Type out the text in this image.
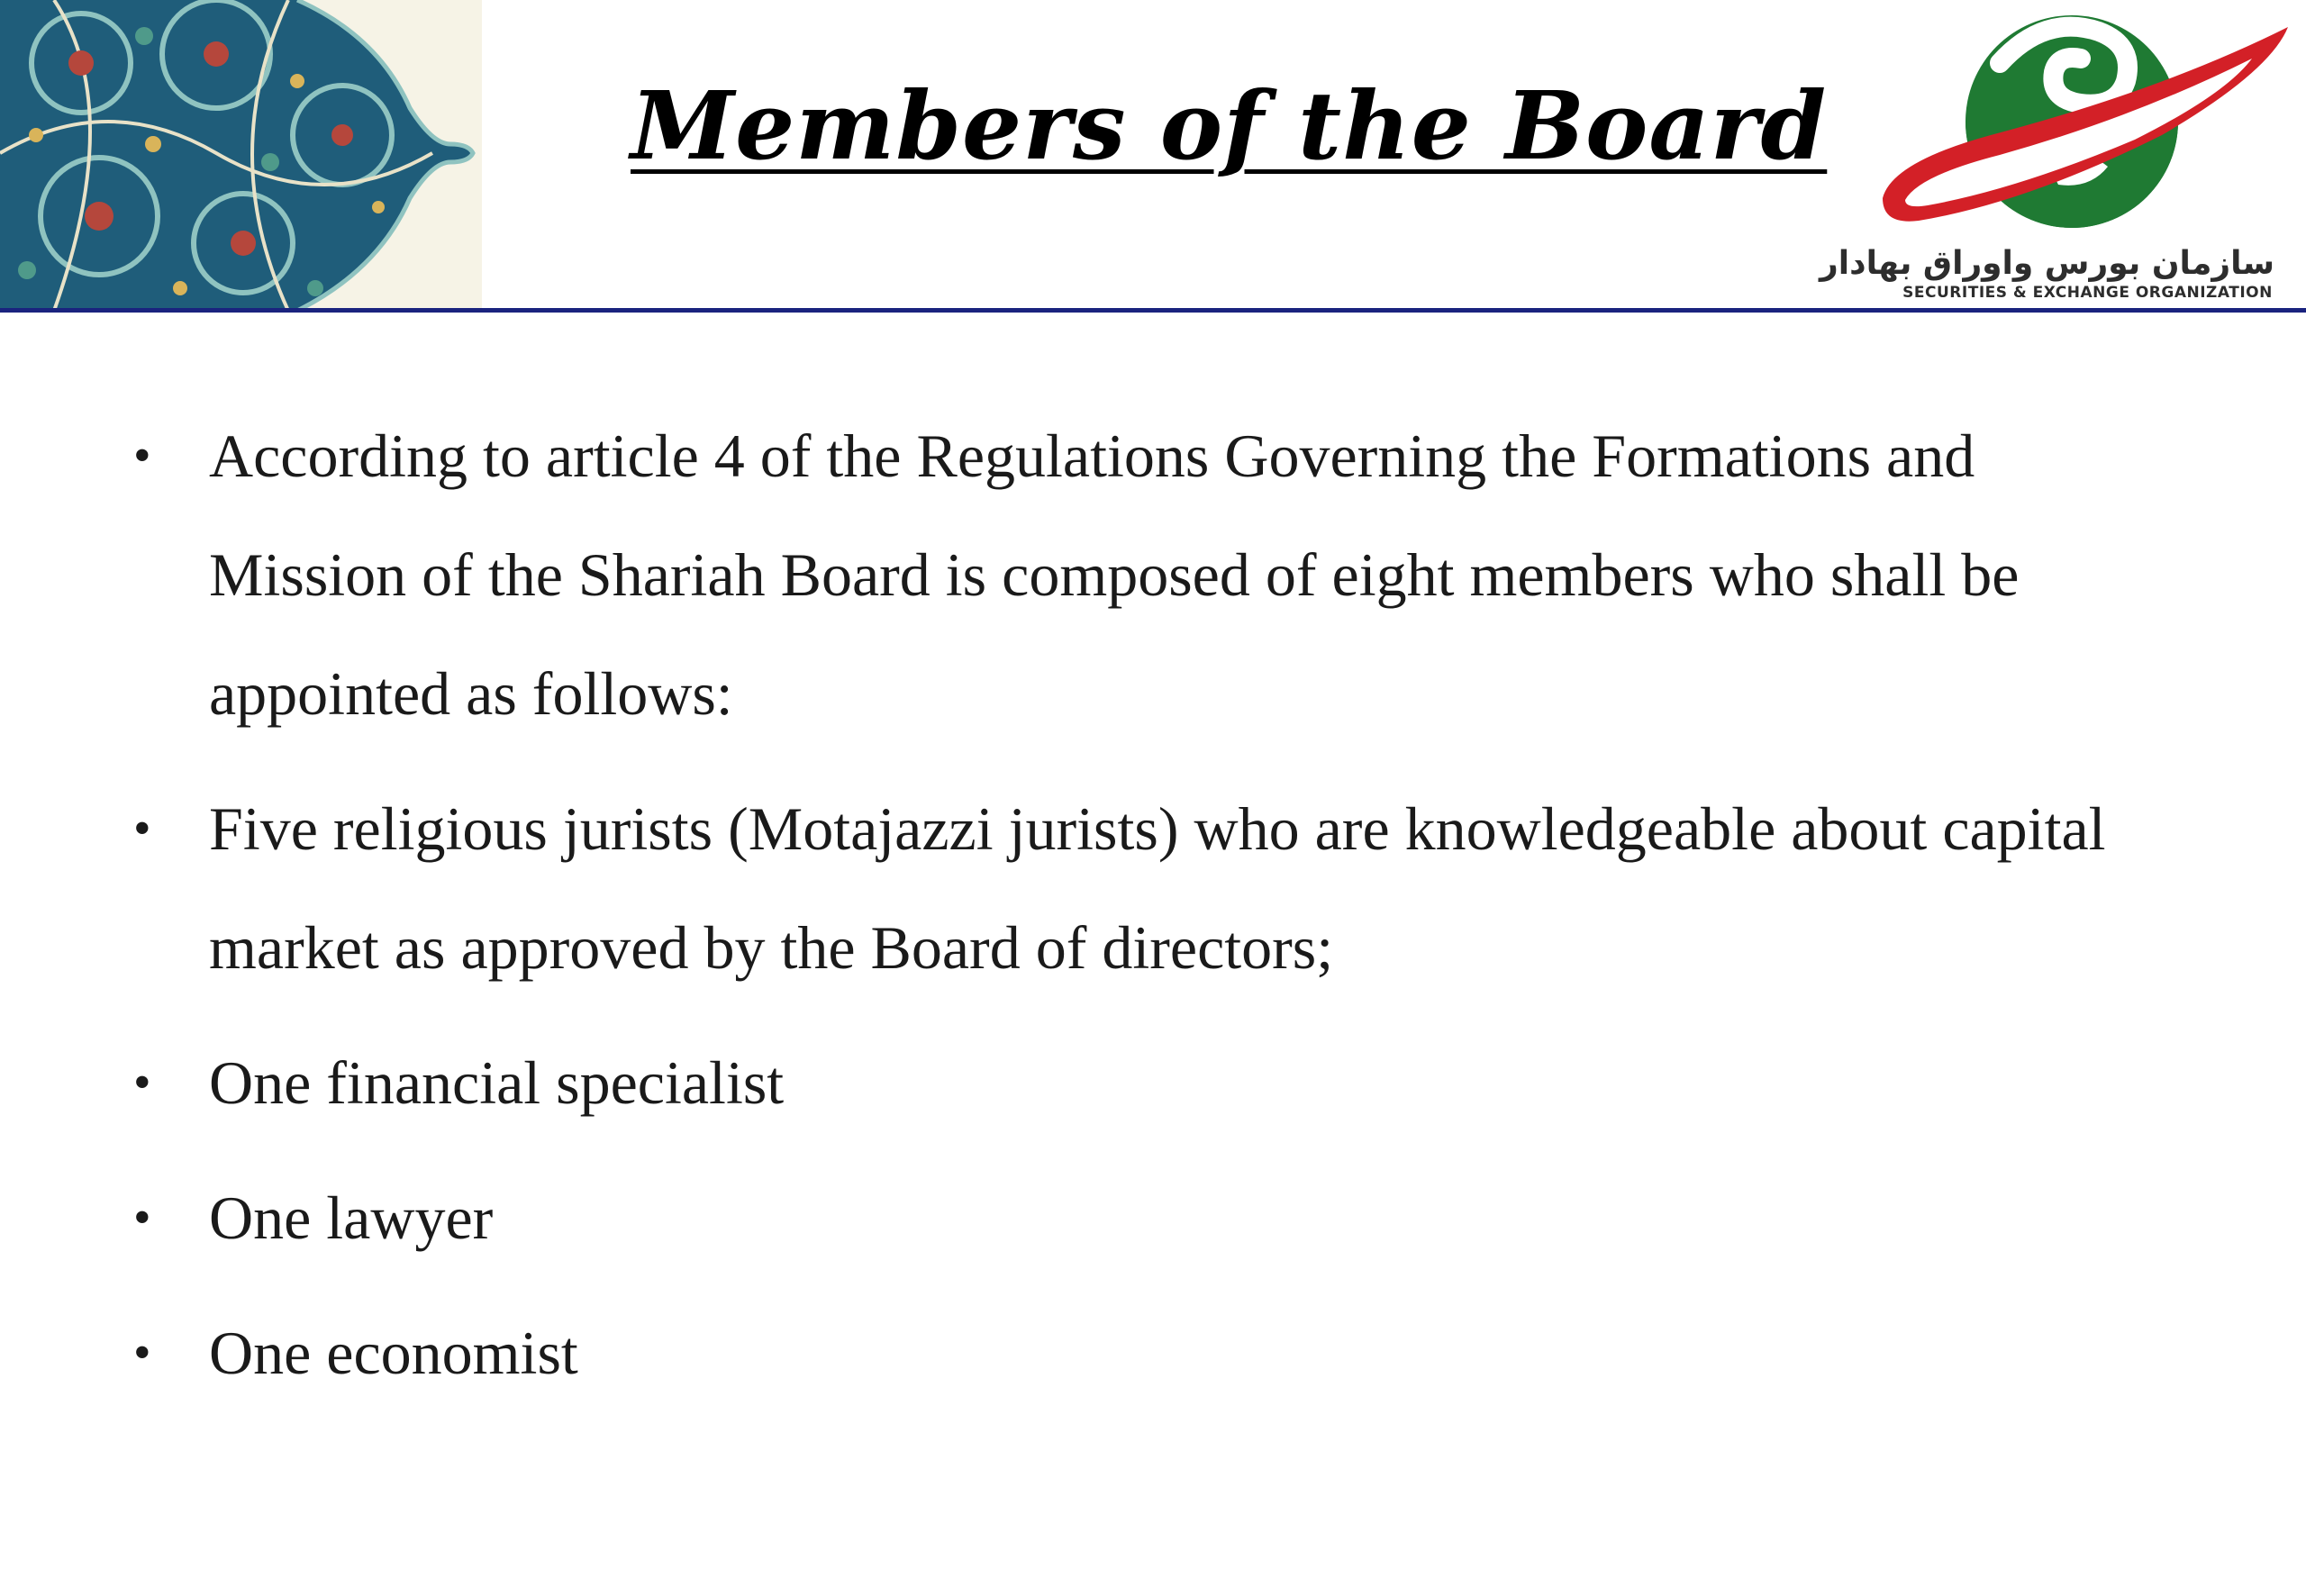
Members of the Board
سازمان بورس واوراق بهادار
SECURITIES & EXCHANGE ORGANIZATION
• According to article 4 of the Regulations Governing the Formations and Mission of the Shariah Board is composed of eight members who shall be appointed as follows:
• Five religious jurists (Motajazzi jurists) who are knowledgeable about capital market as approved by the Board of directors;
• One financial specialist
• One lawyer
• One economist
